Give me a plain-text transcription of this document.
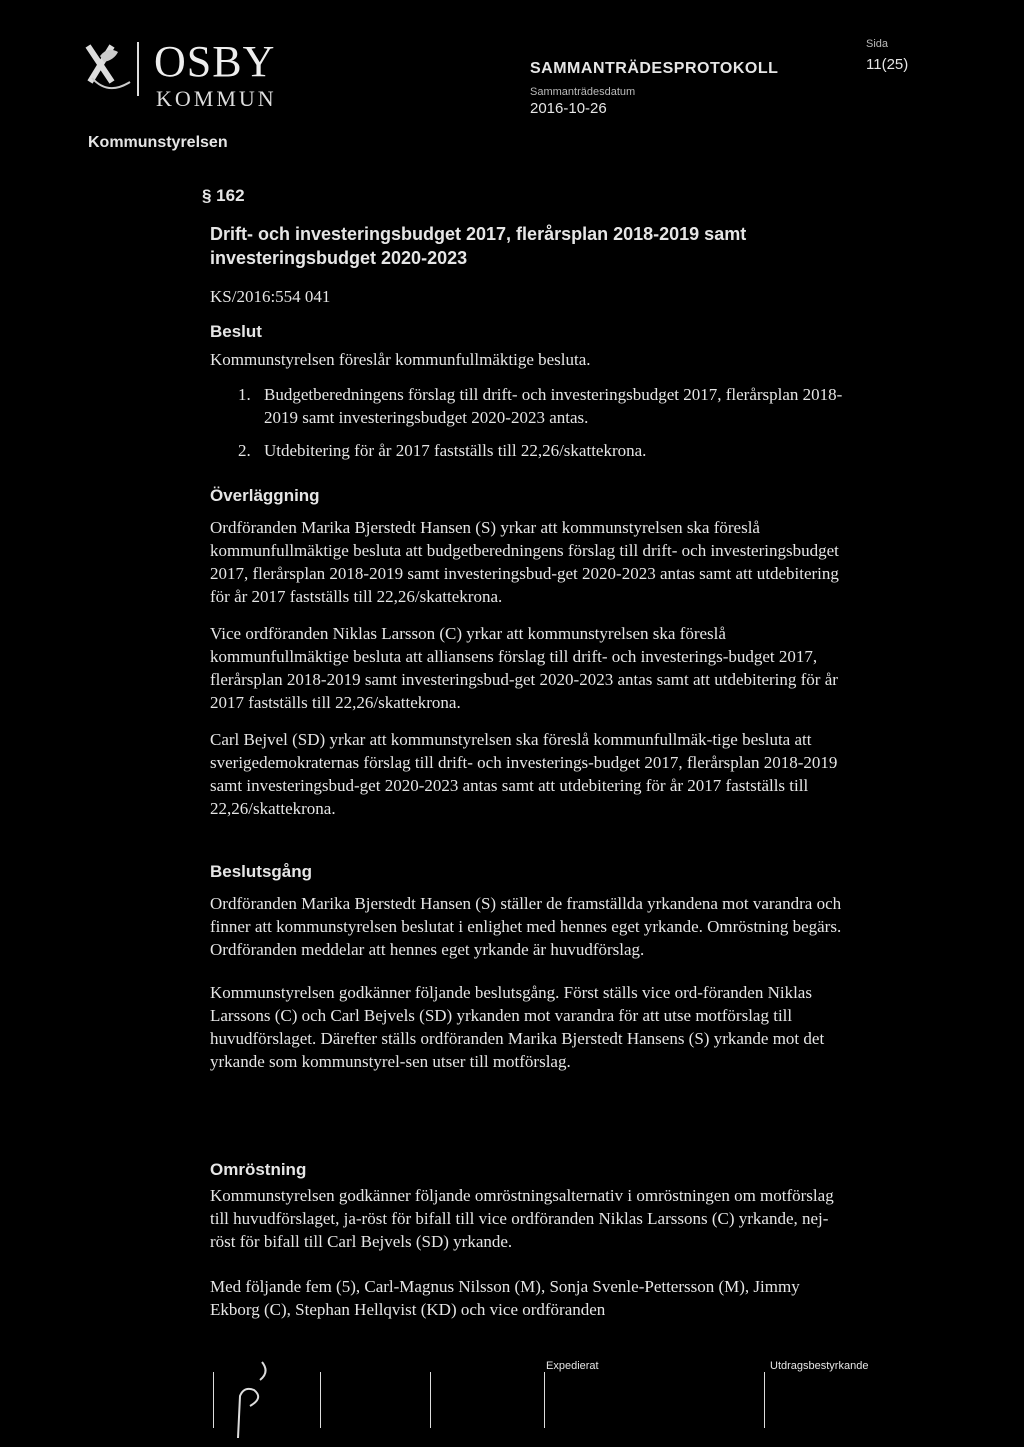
OSBY
KOMMUN
Kommunstyrelsen
SAMMANTRÄDESPROTOKOLL
Sammanträdesdatum
2016-10-26
Sida
11(25)
§ 162
Drift- och investeringsbudget 2017, flerårsplan 2018-2019 samt investeringsbudget 2020-2023
KS/2016:554 041
Beslut
Kommunstyrelsen föreslår kommunfullmäktige besluta.
1. Budgetberedningens förslag till drift- och investeringsbudget 2017, flerårsplan 2018-2019 samt investeringsbudget 2020-2023 antas.
2. Utdebitering för år 2017 fastställs till 22,26/skattekrona.
Överläggning

Ordföranden Marika Bjerstedt Hansen (S) yrkar att kommunstyrelsen ska föreslå kommunfullmäktige besluta att budgetberedningens förslag till drift- och investeringsbudget 2017, flerårsplan 2018-2019 samt investeringsbud-get 2020-2023 antas samt att utdebitering för år 2017 fastställs till 22,26/skattekrona.

Vice ordföranden Niklas Larsson (C) yrkar att kommunstyrelsen ska föreslå kommunfullmäktige besluta att alliansens förslag till drift- och investerings-budget 2017, flerårsplan 2018-2019 samt investeringsbud-get 2020-2023 antas samt att utdebitering för år 2017 fastställs till 22,26/skattekrona.

Carl Bejvel (SD) yrkar att kommunstyrelsen ska föreslå kommunfullmäk-tige besluta att sverigedemokraternas förslag till drift- och investerings-budget 2017, flerårsplan 2018-2019 samt investeringsbud-get 2020-2023 antas samt att utdebitering för år 2017 fastställs till 22,26/skattekrona.

Beslutsgång

Ordföranden Marika Bjerstedt Hansen (S) ställer de framställda yrkandena mot varandra och finner att kommunstyrelsen beslutat i enlighet med hennes eget yrkande. Omröstning begärs. Ordföranden meddelar att hennes eget yrkande är huvudförslag.

Kommunstyrelsen godkänner följande beslutsgång. Först ställs vice ord-föranden Niklas Larssons (C) och Carl Bejvels (SD) yrkanden mot varandra för att utse motförslag till huvudförslaget. Därefter ställs ordföranden Marika Bjerstedt Hansens (S) yrkande mot det yrkande som kommunstyrel-sen utser till motförslag.

Omröstning

Kommunstyrelsen godkänner följande omröstningsalternativ i omröstningen om motförslag till huvudförslaget, ja-röst för bifall till vice ordföranden Niklas Larssons (C) yrkande, nej-röst för bifall till Carl Bejvels (SD) yrkande.

Med följande fem (5), Carl-Magnus Nilsson (M), Sonja Svenle-Pettersson (M), Jimmy Ekborg (C), Stephan Hellqvist (KD) och vice ordföranden

Expedierat	Utdragsbestyrkande
